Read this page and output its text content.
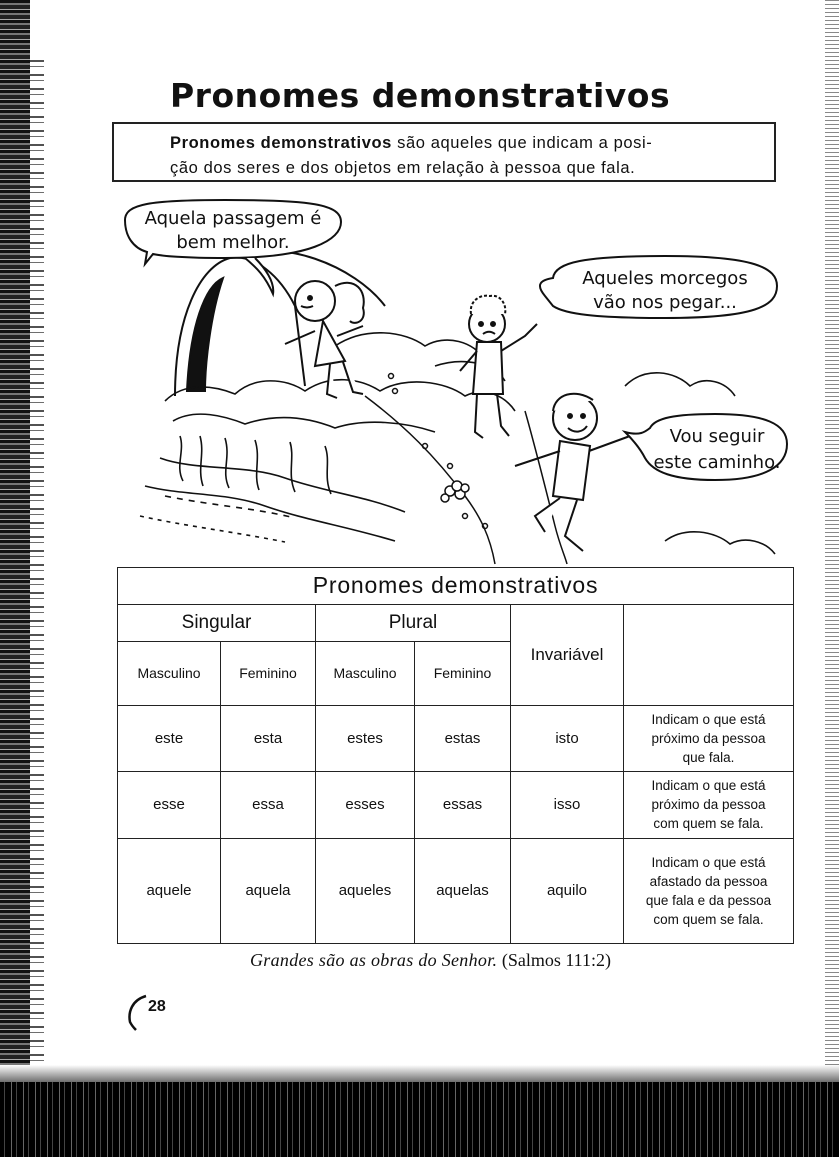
Pronomes demonstrativos
Pronomes demonstrativos são aqueles que indicam a posi-
ção dos seres e dos objetos em relação à pessoa que fala.
Aquela passagem é
bem melhor.
Aqueles morcegos
vão nos pegar...
Vou seguir
este caminho.
Pronomes demonstrativos					
Singular		Plural		Invariável	
Masculino	Feminino	Masculino	Feminino		
este	esta	estes	estas	isto	Indicam o que está
próximo da pessoa
que fala.

esse	essa	esses	essas	isso	Indicam o que está
próximo da pessoa
com quem se fala.

aquele	aquela	aqueles	aquelas	aquilo	Indicam o que está
afastado da pessoa
que fala e da pessoa
com quem se fala.
Grandes são as obras do Senhor. (Salmos 111:2)
28
